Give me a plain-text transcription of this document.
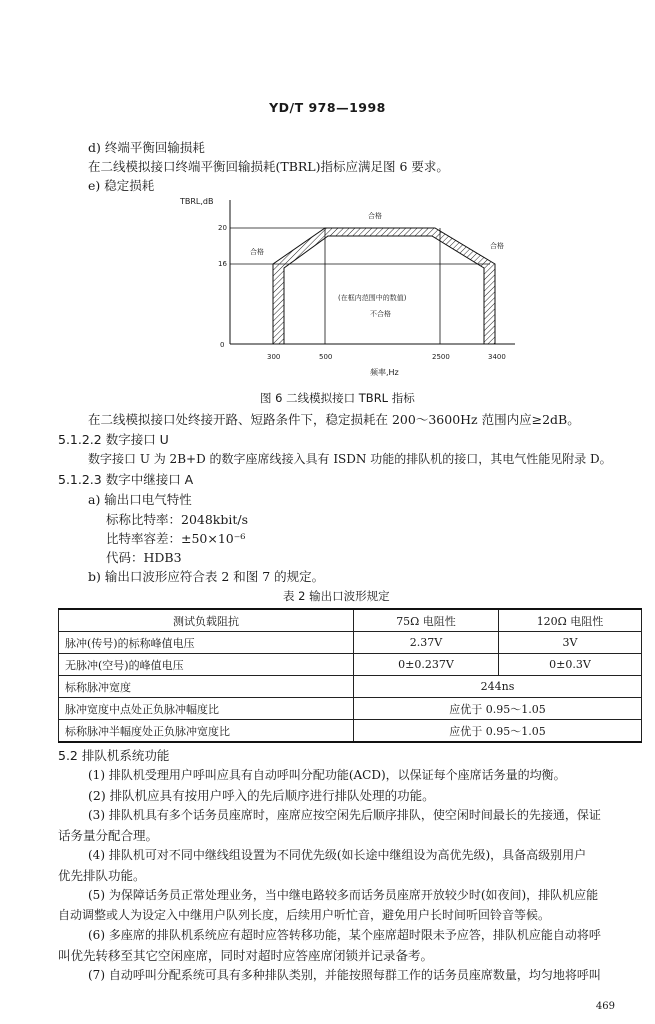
YD/T 978—1998
d) 终端平衡回输损耗
在二线模拟接口终端平衡回输损耗(TBRL)指标应满足图 6 要求。
e) 稳定损耗
TBRL,dB
20
16
0
300	500	2500	3400
频率,Hz
合格
合格
合格
(在框内范围中的数值)
不合格
图 6 二线模拟接口 TBRL 指标
在二线模拟接口处终接开路、短路条件下，稳定损耗在 200～3600Hz 范围内应≥2dB。
5.1.2.2 数字接口 U
数字接口 U 为 2B+D 的数字座席线接入具有 ISDN 功能的排队机的接口，其电气性能见附录 D。
5.1.2.3 数字中继接口 A
a) 输出口电气特性
标称比特率：2048kbit/s
比特率容差：±50×10⁻⁶
代码：HDB3
b) 输出口波形应符合表 2 和图 7 的规定。
表 2 输出口波形规定
测试负载阻抗	75Ω 电阻性	120Ω 电阻性
脉冲(传号)的标称峰值电压	2.37V	3V
无脉冲(空号)的峰值电压	0±0.237V	0±0.3V
标称脉冲宽度	244ns	
脉冲宽度中点处正负脉冲幅度比	应优于 0.95～1.05	
标称脉冲半幅度处正负脉冲宽度比	应优于 0.95～1.05	
5.2 排队机系统功能
(1) 排队机受理用户呼叫应具有自动呼叫分配功能(ACD)，以保证每个座席话务量的均衡。
(2) 排队机应具有按用户呼入的先后顺序进行排队处理的功能。
(3) 排队机具有多个话务员座席时，座席应按空闲先后顺序排队，使空闲时间最长的先接通，保证
话务量分配合理。
(4) 排队机可对不同中继线组设置为不同优先级(如长途中继组设为高优先级)，具备高级别用户
优先排队功能。
(5) 为保障话务员正常处理业务，当中继电路较多而话务员座席开放较少时(如夜间)，排队机应能
自动调整或人为设定入中继用户队列长度，后续用户听忙音，避免用户长时间听回铃音等候。
(6) 多座席的排队机系统应有超时应答转移功能，某个座席超时限未予应答，排队机应能自动将呼
叫优先转移至其它空闲座席，同时对超时应答座席闭锁并记录备考。
(7) 自动呼叫分配系统可具有多种排队类别，并能按照每群工作的话务员座席数量，均匀地将呼叫
469
